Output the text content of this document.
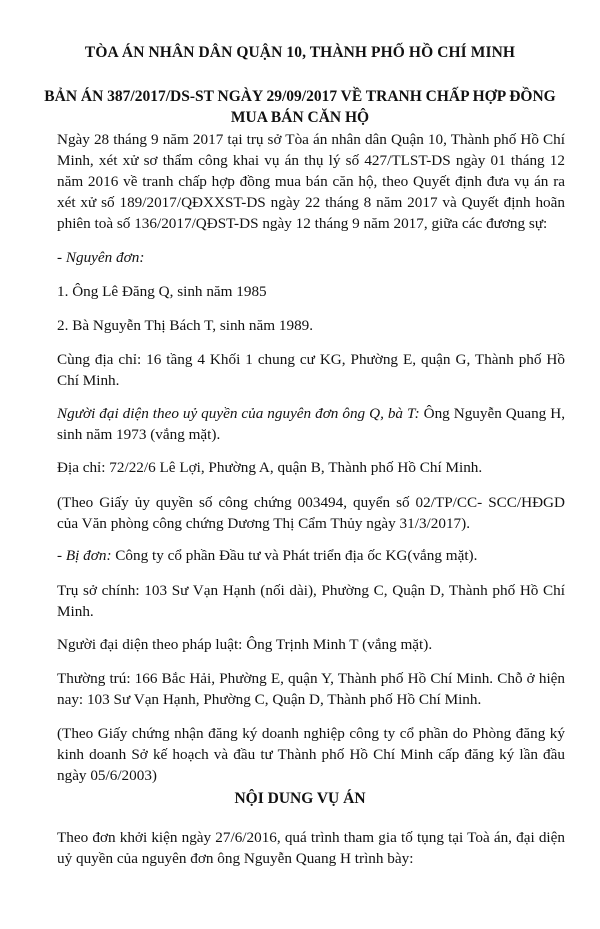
TÒA ÁN NHÂN DÂN QUẬN 10, THÀNH PHỐ HỒ CHÍ MINH
BẢN ÁN 387/2017/DS-ST NGÀY 29/09/2017 VỀ TRANH CHẤP HỢP ĐỒNG MUA BÁN CĂN HỘ

Ngày 28 tháng 9 năm 2017 tại trụ sở Tòa án nhân dân Quận 10, Thành phố Hồ Chí Minh, xét xử sơ thẩm công khai vụ án thụ lý số 427/TLST-DS ngày 01 tháng 12 năm 2016 về tranh chấp hợp đồng mua bán căn hộ, theo Quyết định đưa vụ án ra xét xử số 189/2017/QĐXXST-DS ngày 22 tháng 8 năm 2017 và Quyết định hoãn phiên toà số 136/2017/QĐST-DS ngày 12 tháng 9 năm 2017, giữa các đương sự:

- Nguyên đơn:

1. Ông Lê Đăng Q, sinh năm 1985

2. Bà Nguyễn Thị Bách T, sinh năm 1989.

Cùng địa chỉ: 16 tầng 4 Khối 1 chung cư KG, Phường E, quận G, Thành phố Hồ Chí Minh.

Người đại diện theo uỷ quyền của nguyên đơn ông Q, bà T: Ông Nguyễn Quang H, sinh năm 1973 (vắng mặt).

Địa chỉ: 72/22/6 Lê Lợi, Phường A, quận B, Thành phố Hồ Chí Minh.

(Theo Giấy ủy quyền số công chứng 003494, quyển số 02/TP/CC- SCC/HĐGD của Văn phòng công chứng Dương Thị Cẩm Thủy ngày 31/3/2017).

- Bị đơn: Công ty cổ phần Đầu tư và Phát triển địa ốc KG(vắng mặt).

Trụ sở chính: 103 Sư Vạn Hạnh (nối dài), Phường C, Quận D, Thành phố Hồ Chí Minh.

Người đại diện theo pháp luật: Ông Trịnh Minh T (vắng mặt).

Thường trú: 166 Bắc Hải, Phường E, quận Y, Thành phố Hồ Chí Minh. Chỗ ở hiện nay: 103 Sư Vạn Hạnh, Phường C, Quận D, Thành phố Hồ Chí Minh.

(Theo Giấy chứng nhận đăng ký doanh nghiệp công ty cổ phần do Phòng đăng ký kinh doanh Sở kế hoạch và đầu tư Thành phố Hồ Chí Minh cấp đăng ký lần đầu ngày 05/6/2003)

NỘI DUNG VỤ ÁN

Theo đơn khởi kiện ngày 27/6/2016, quá trình tham gia tố tụng tại Toà án, đại diện uỷ quyền của nguyên đơn ông Nguyễn Quang H trình bày:
